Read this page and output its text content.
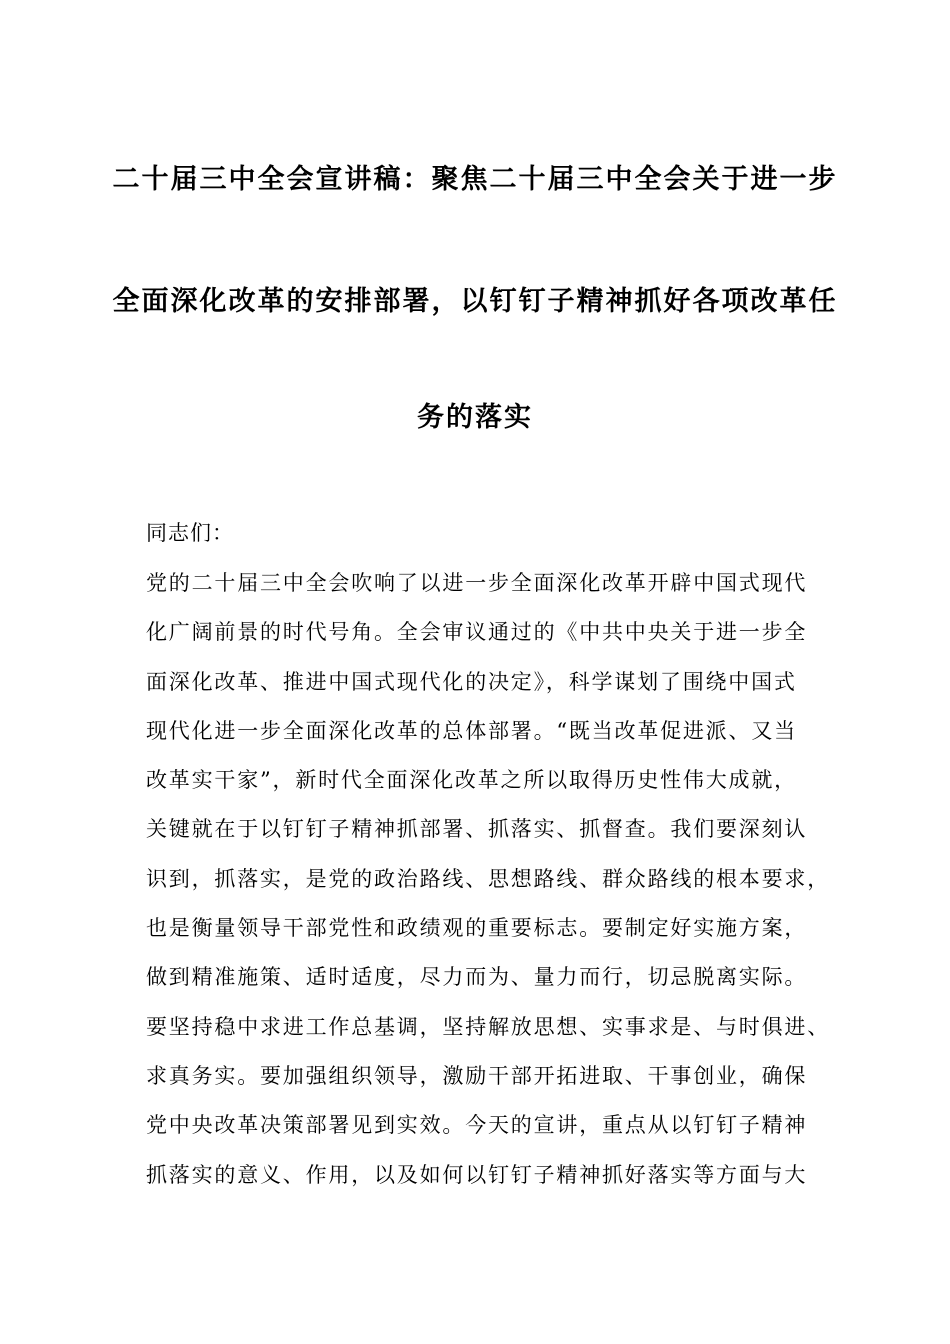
二十届三中全会宣讲稿：聚焦二十届三中全会关于进一步
全面深化改革的安排部署，以钉钉子精神抓好各项改革任
务的落实
同志们：
党的二十届三中全会吹响了以进一步全面深化改革开辟中国式现代
化广阔前景的时代号角。全会审议通过的《中共中央关于进一步全
面深化改革、推进中国式现代化的决定》，科学谋划了围绕中国式
现代化进一步全面深化改革的总体部署。“既当改革促进派、又当
改革实干家”，新时代全面深化改革之所以取得历史性伟大成就，
关键就在于以钉钉子精神抓部署、抓落实、抓督查。我们要深刻认
识到，抓落实，是党的政治路线、思想路线、群众路线的根本要求，
也是衡量领导干部党性和政绩观的重要标志。要制定好实施方案，
做到精准施策、适时适度，尽力而为、量力而行，切忌脱离实际。
要坚持稳中求进工作总基调，坚持解放思想、实事求是、与时俱进、
求真务实。要加强组织领导，激励干部开拓进取、干事创业，确保
党中央改革决策部署见到实效。今天的宣讲，重点从以钉钉子精神
抓落实的意义、作用，以及如何以钉钉子精神抓好落实等方面与大
